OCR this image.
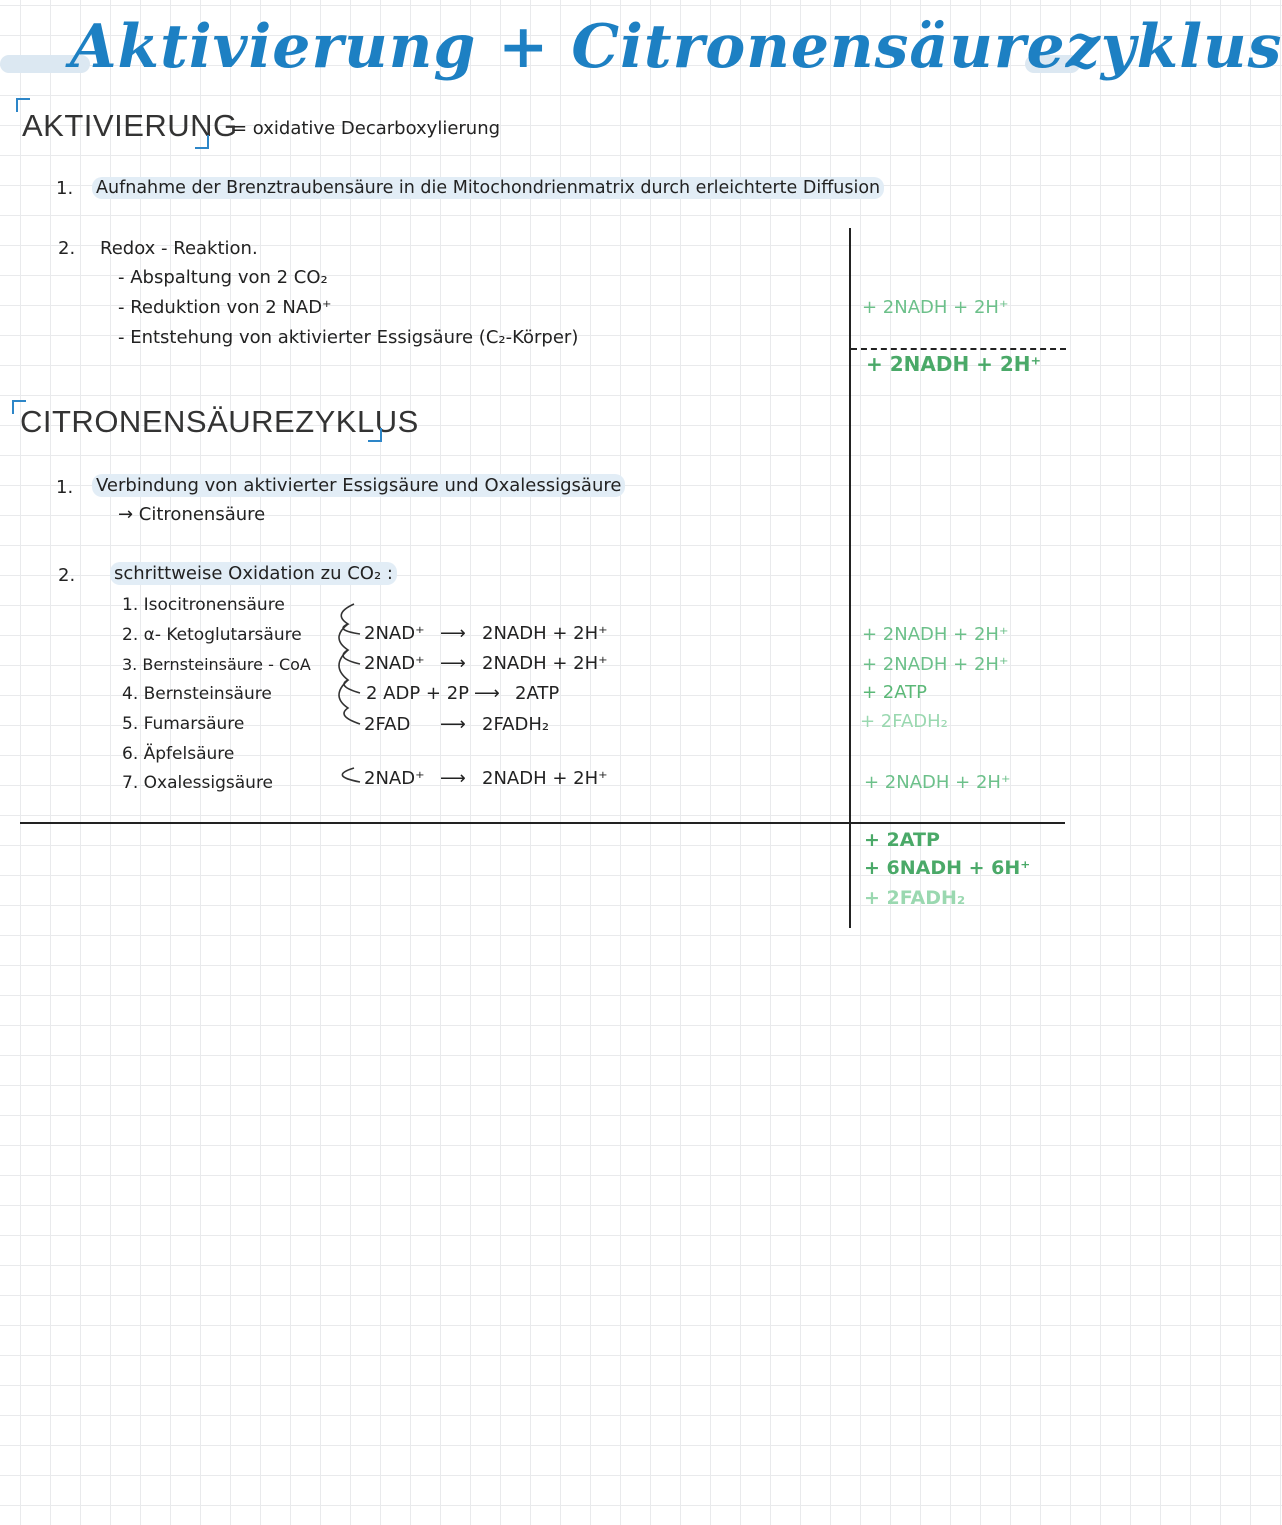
Aktivierung + Citronensäurezyklus
AKTIVIERUNG
= oxidative Decarboxylierung
1. Aufnahme der Brenztraubensäure in die Mitochondrienmatrix durch erleichterte Diffusion
2. Redox - Reaktion.
- Abspaltung von 2 CO₂
- Reduktion von 2 NAD⁺
- Entstehung von aktivierter Essigsäure (C₂-Körper)
+ 2NADH + 2H⁺
+ 2NADH + 2H⁺
CITRONENSÄUREZYKLUS
1. Verbindung von aktivierter Essigsäure und Oxalessigsäure
→ Citronensäure
2. schrittweise Oxidation zu CO₂ :
1. Isocitronensäure
2. α- Ketoglutarsäure
3. Bernsteinsäure - CoA
4. Bernsteinsäure
5. Fumarsäure
6. Äpfelsäure
7. Oxalessigsäure
2NAD⁺ ⟶ 2NADH + 2H⁺
2NAD⁺ ⟶ 2NADH + 2H⁺
2 ADP + 2P ⟶ 2ATP
2FAD ⟶ 2FADH₂
2NAD⁺ ⟶ 2NADH + 2H⁺
+ 2NADH + 2H⁺
+ 2NADH + 2H⁺
+ 2ATP
+ 2FADH₂
+ 2NADH + 2H⁺
+ 2ATP
+ 6NADH + 6H⁺
+ 2FADH₂
